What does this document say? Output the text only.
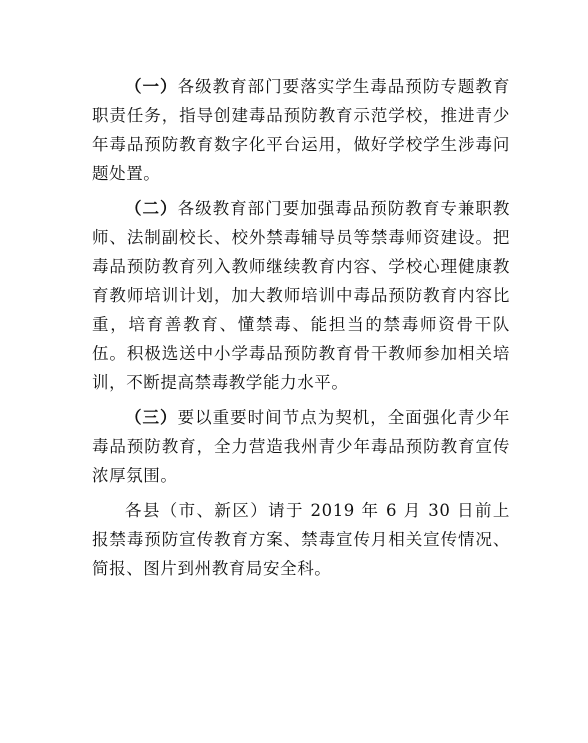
（一）各级教育部门要落实学生毒品预防专题教育职责任务，指导创建毒品预防教育示范学校，推进青少年毒品预防教育数字化平台运用，做好学校学生涉毒问题处置。

（二）各级教育部门要加强毒品预防教育专兼职教师、法制副校长、校外禁毒辅导员等禁毒师资建设。把毒品预防教育列入教师继续教育内容、学校心理健康教育教师培训计划，加大教师培训中毒品预防教育内容比重，培育善教育、懂禁毒、能担当的禁毒师资骨干队伍。积极选送中小学毒品预防教育骨干教师参加相关培训，不断提高禁毒教学能力水平。

（三）要以重要时间节点为契机，全面强化青少年毒品预防教育，全力营造我州青少年毒品预防教育宣传浓厚氛围。

各县（市、新区）请于 2019 年 6 月 30 日前上报禁毒预防宣传教育方案、禁毒宣传月相关宣传情况、简报、图片到州教育局安全科。
